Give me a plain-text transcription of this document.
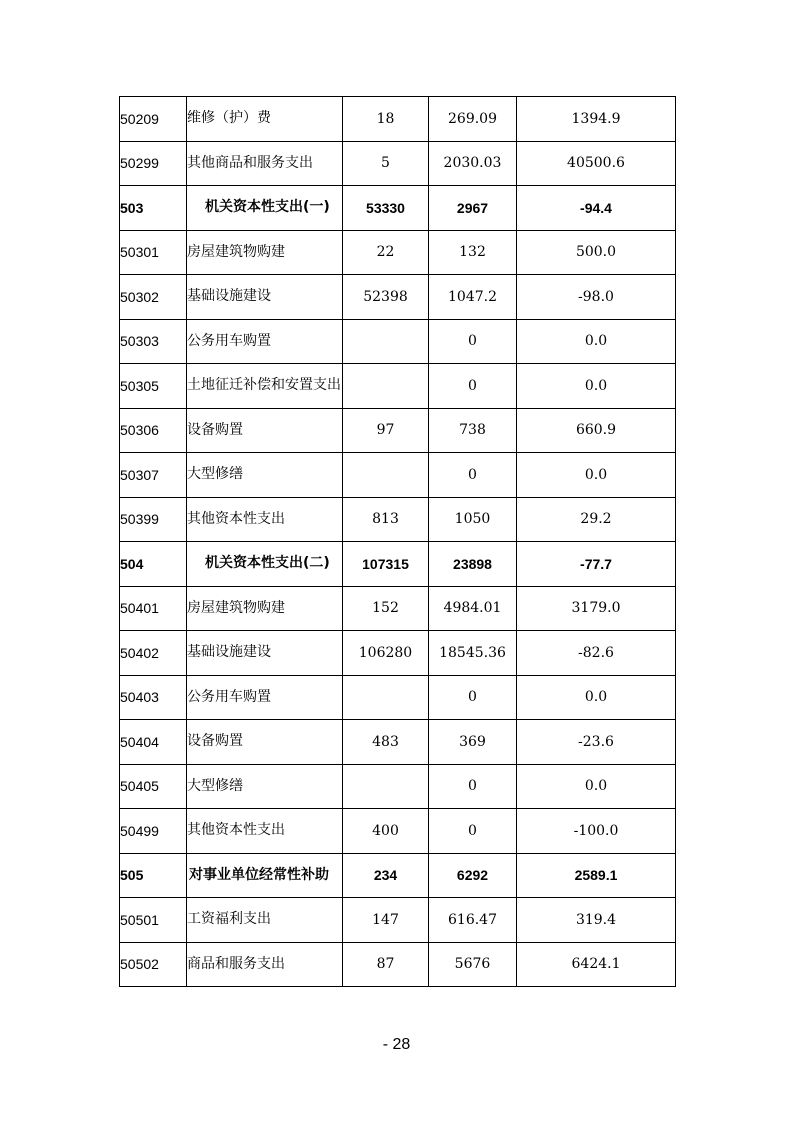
50209	维修（护）费	18	269.09	1394.9
50299	其他商品和服务支出	5	2030.03	40500.6
503	机关资本性支出(一)	53330	2967	-94.4
50301	房屋建筑物购建	22	132	500.0
50302	基础设施建设	52398	1047.2	-98.0
50303	公务用车购置		0	0.0
50305	土地征迁补偿和安置支出		0	0.0
50306	设备购置	97	738	660.9
50307	大型修缮		0	0.0
50399	其他资本性支出	813	1050	29.2
504	机关资本性支出(二)	107315	23898	-77.7
50401	房屋建筑物购建	152	4984.01	3179.0
50402	基础设施建设	106280	18545.36	-82.6
50403	公务用车购置		0	0.0
50404	设备购置	483	369	-23.6
50405	大型修缮		0	0.0
50499	其他资本性支出	400	0	-100.0
505	对事业单位经常性补助	234	6292	2589.1
50501	工资福利支出	147	616.47	319.4
50502	商品和服务支出	87	5676	6424.1
- 28
